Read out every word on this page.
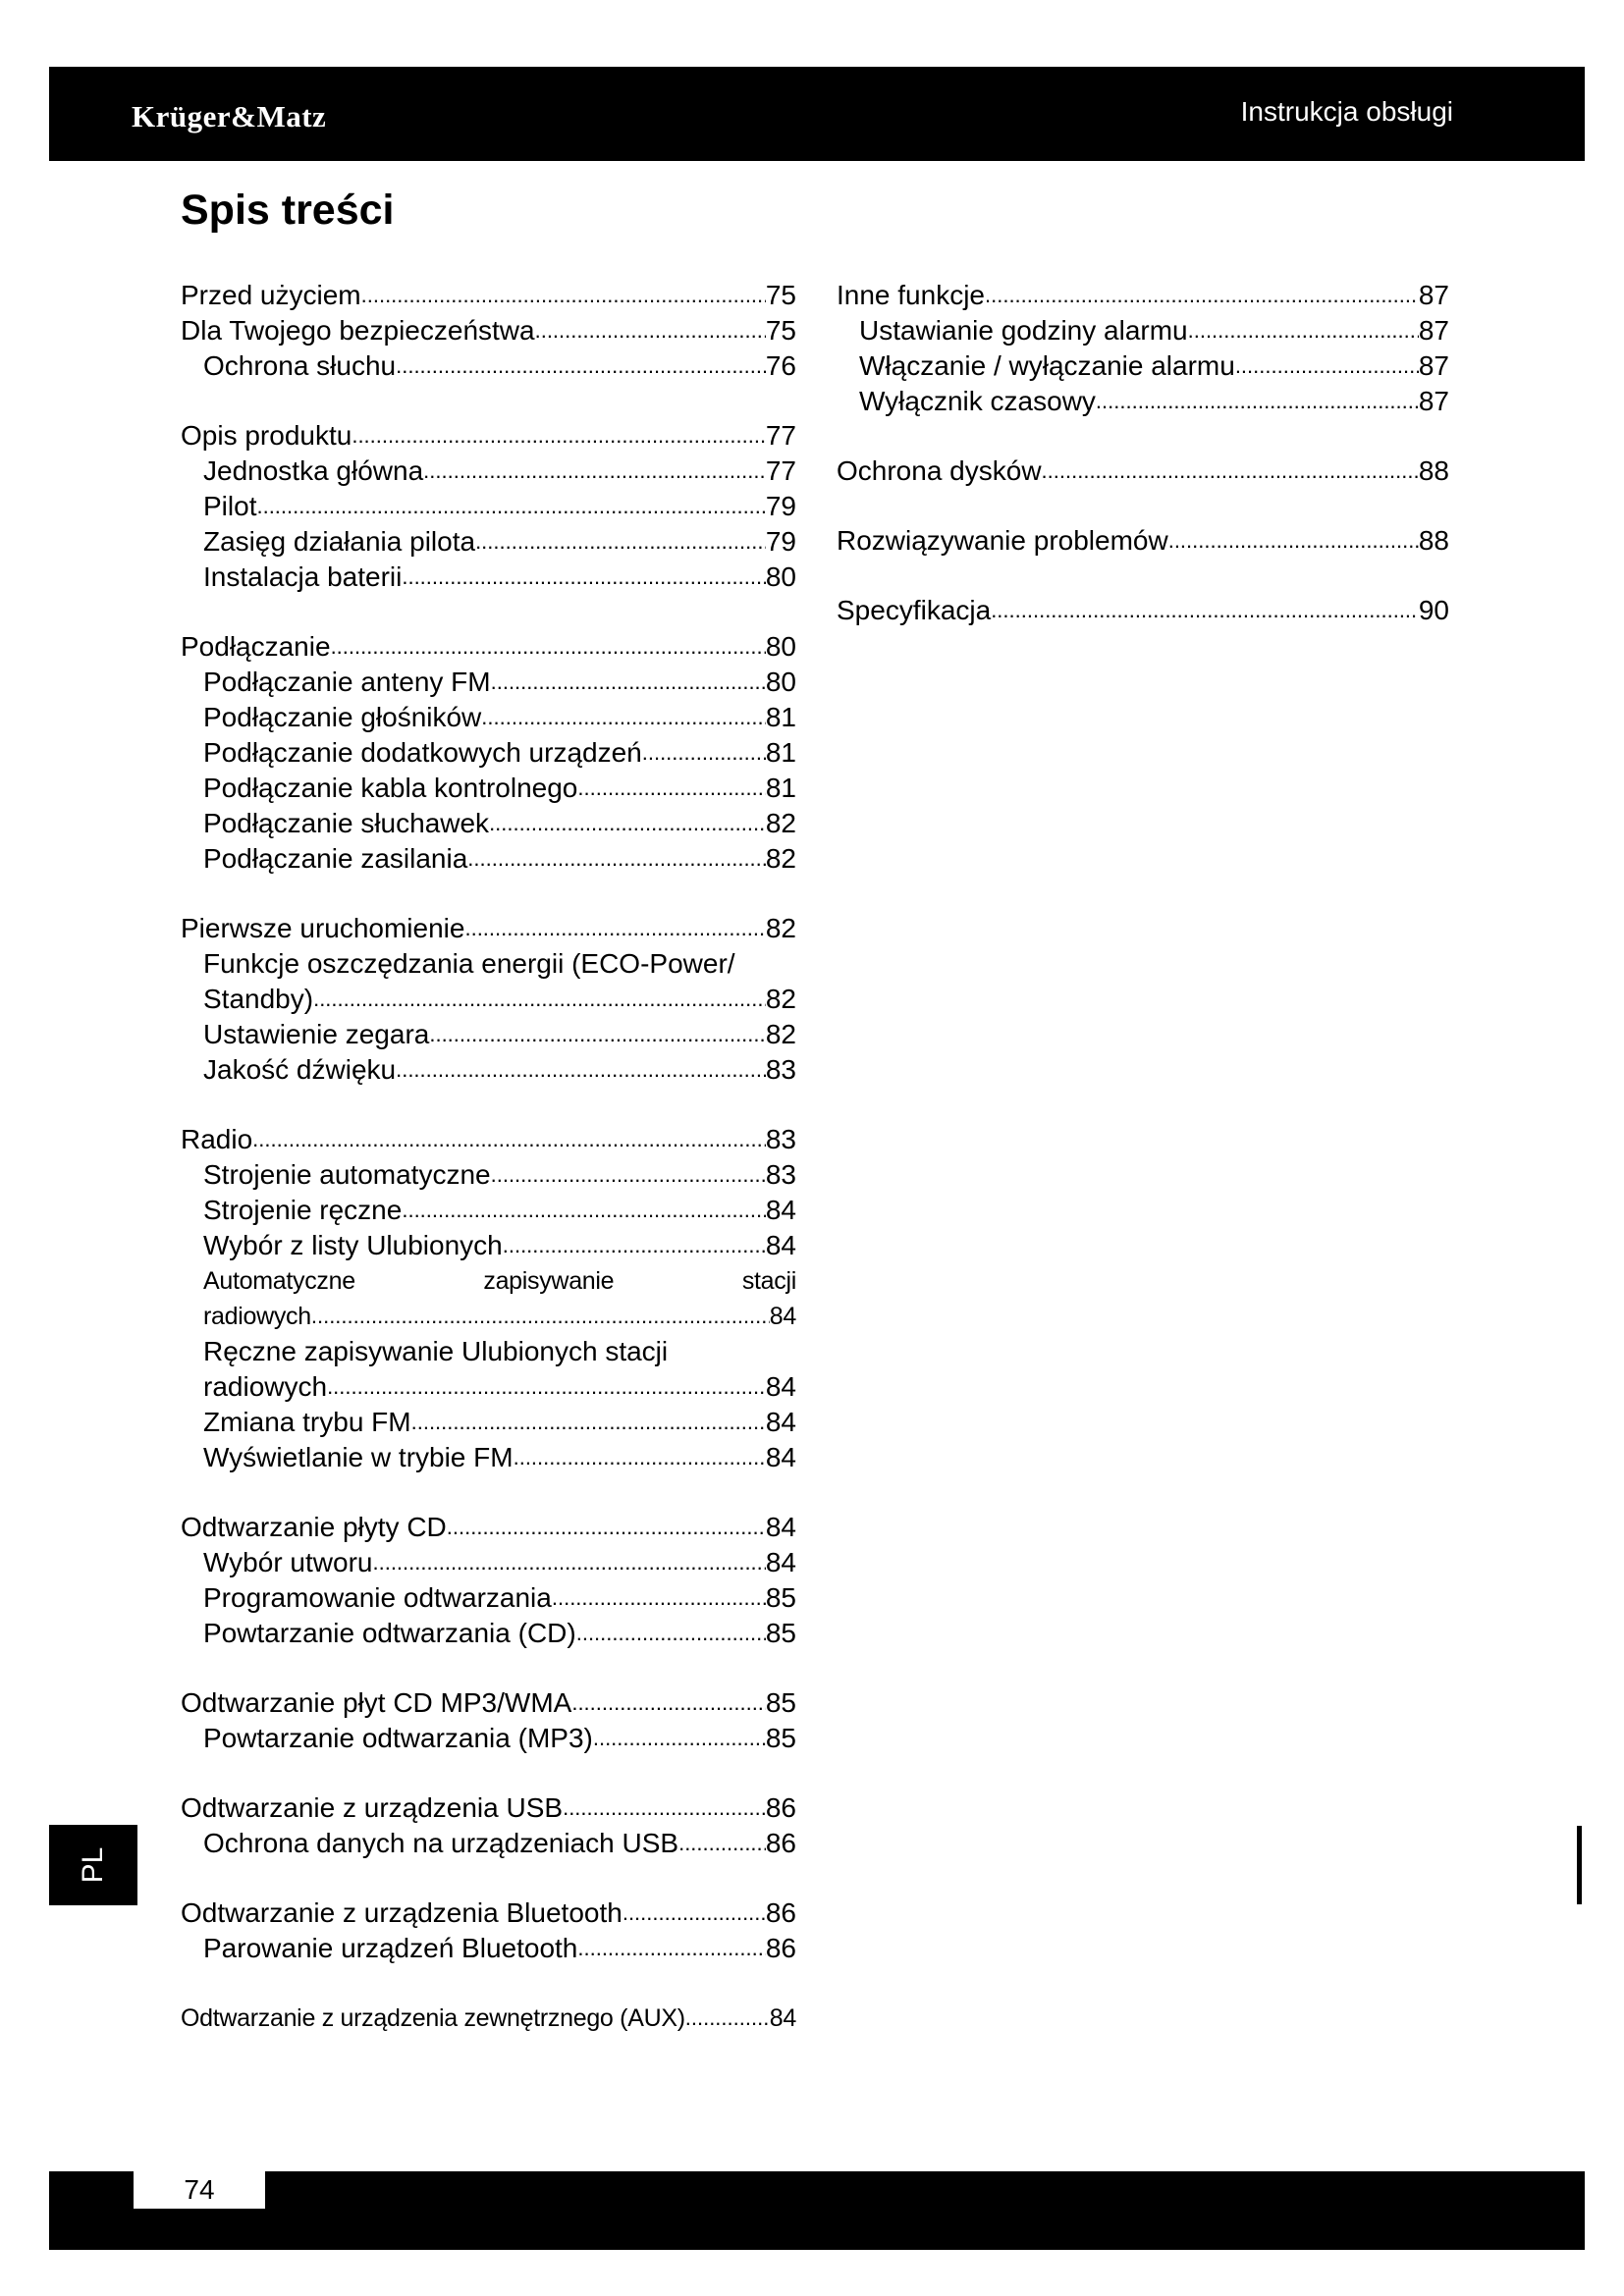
Krüger&Matz	Instrukcja obsługi
Spis treści
Przed użyciem .....	75
Dla Twojego bezpieczeństwa .....	75
Ochrona słuchu .....	76
Opis produktu .....	77
Jednostka główna .....	77
Pilot .....	79
Zasięg działania pilota .....	79
Instalacja baterii .....	80
Podłączanie .....	80
Podłączanie anteny FM .....	80
Podłączanie głośników .....	81
Podłączanie dodatkowych urządzeń .....	81
Podłączanie kabla kontrolnego .....	81
Podłączanie słuchawek .....	82
Podłączanie zasilania .....	82
Pierwsze uruchomienie .....	82
Funkcje oszczędzania energii (ECO-Power/
Standby) .....	82
Ustawienie zegara .....	82
Jakość dźwięku .....	83
Radio .....	83
Strojenie automatyczne .....	83
Strojenie ręczne .....	84
Wybór z listy Ulubionych .....	84
Automatyczne	zapisywanie	stacji
radiowych .....	84
Ręczne zapisywanie Ulubionych stacji
radiowych .....	84
Zmiana trybu FM .....	84
Wyświetlanie w trybie FM .....	84
Odtwarzanie płyty CD .....	84
Wybór utworu .....	84
Programowanie odtwarzania .....	85
Powtarzanie odtwarzania (CD) .....	85
Odtwarzanie płyt CD MP3/WMA .....	85
Powtarzanie odtwarzania (MP3) .....	85
Odtwarzanie z urządzenia USB .....	86
Ochrona danych na urządzeniach USB .....	86
Odtwarzanie z urządzenia Bluetooth .....	86
Parowanie urządzeń Bluetooth .....	86
Odtwarzanie z urządzenia zewnętrznego (AUX) .....	84
Inne funkcje .....	87
Ustawianie godziny alarmu .....	87
Włączanie / wyłączanie alarmu .....	87
Wyłącznik czasowy .....	87
Ochrona dysków .....	88
Rozwiązywanie problemów .....	88
Specyfikacja .....	90
PL
74
